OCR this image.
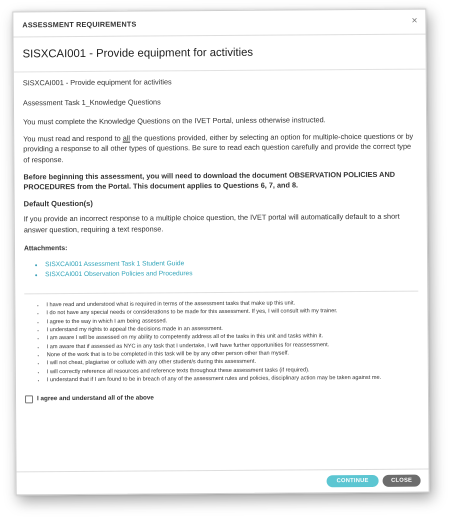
ASSESSMENT REQUIREMENTS	×
SISXCAI001 - Provide equipment for activities

SISXCAI001 - Provide equipment for activities

Assessment Task 1_Knowledge Questions

You must complete the Knowledge Questions on the IVET Portal, unless otherwise instructed.

You must read and respond to all the questions provided, either by selecting an option for multiple-choice questions or by providing a response to all other types of questions. Be sure to read each question carefully and provide the correct type of response.

Before beginning this assessment, you will need to download the document OBSERVATION POLICIES AND PROCEDURES from the Portal. This document applies to Questions 6, 7, and 8.

Default Question(s)

If you provide an incorrect response to a multiple choice question, the IVET portal will automatically default to a short answer question, requiring a text response.

Attachments:
• SISXCAI001 Assessment Task 1 Student Guide
• SISXCAI001 Observation Policies and Procedures
• I have read and understood what is required in terms of the assessment tasks that make up this unit.
• I do not have any special needs or considerations to be made for this assessment. If yes, I will consult with my trainer.
• I agree to the way in which I am being assessed.
• I understand my rights to appeal the decisions made in an assessment.
• I am aware I will be assessed on my ability to competently address all of the tasks in this unit and tasks within it.
• I am aware that if assessed as NYC in any task that I undertake, I will have further opportunities for reassessment.
• None of the work that is to be completed in this task will be by any other person other than myself.
• I will not cheat, plagiarise or collude with any other student/s during this assessment.
• I will correctly reference all resources and reference texts throughout these assessment tasks (if required).
• I understand that if I am found to be in breach of any of the assessment rules and policies, disciplinary action may be taken against me.
I agree and understand all of the above
CONTINUE	CLOSE
